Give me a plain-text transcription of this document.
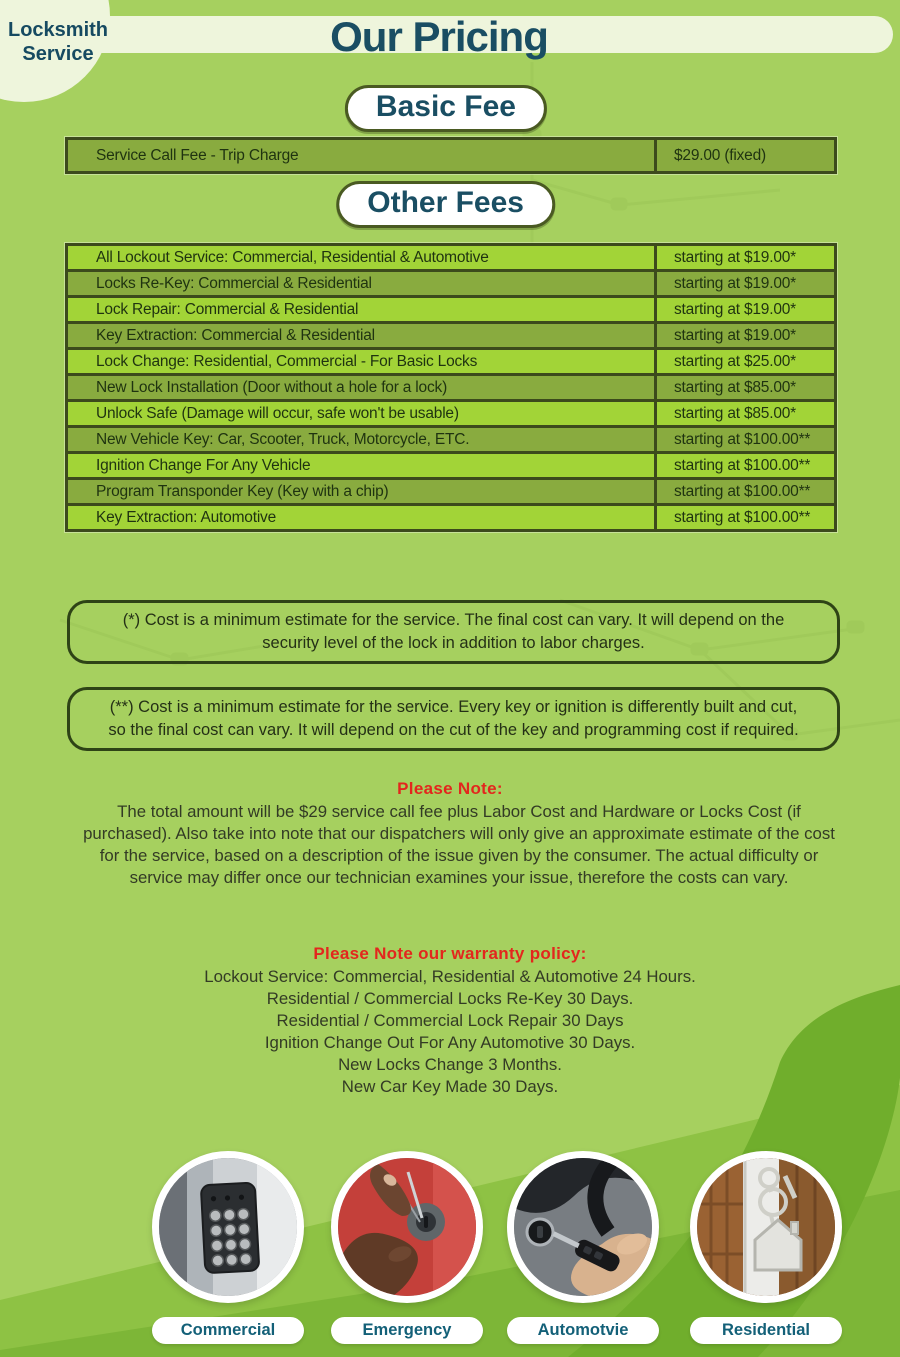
Locksmith
Service	Our Pricing
Basic Fee
Service Call Fee - Trip Charge	$29.00 (fixed)
Other Fees
All Lockout Service: Commercial, Residential & Automotive	starting at $19.00*
Locks Re-Key: Commercial & Residential	starting at $19.00*
Lock Repair: Commercial & Residential	starting at $19.00*
Key Extraction: Commercial & Residential	starting at $19.00*
Lock Change: Residential, Commercial - For Basic Locks	starting at $25.00*
New Lock Installation (Door without a hole for a lock)	starting at $85.00*
Unlock Safe (Damage will occur, safe won't be usable)	starting at $85.00*
New Vehicle Key: Car, Scooter, Truck, Motorcycle, ETC.	starting at $100.00**
Ignition Change For Any Vehicle	starting at $100.00**
Program Transponder Key (Key with a chip)	starting at $100.00**
Key Extraction: Automotive	starting at $100.00**
(*) Cost is a minimum estimate for the service. The final cost can vary. It will depend on the security level of the lock in addition to labor charges.
(**) Cost is a minimum estimate for the service. Every key or ignition is differently built and cut, so the final cost can vary. It will depend on the cut of the key and programming cost if required.
Please Note:
The total amount will be $29 service call fee plus Labor Cost and Hardware or Locks Cost (if purchased). Also take into note that our dispatchers will only give an approximate estimate of the cost for the service, based on a description of the issue given by the consumer. The actual difficulty or service may differ once our technician examines your issue, therefore the costs can vary.
Please Note our warranty policy:
Lockout Service: Commercial, Residential & Automotive 24 Hours.
Residential / Commercial Locks Re-Key 30 Days.
Residential / Commercial Lock Repair 30 Days
Ignition Change Out For Any Automotive 30 Days.
New Locks Change 3 Months.
New Car Key Made 30 Days.
Commercial	Emergency	Automotvie	Residential
